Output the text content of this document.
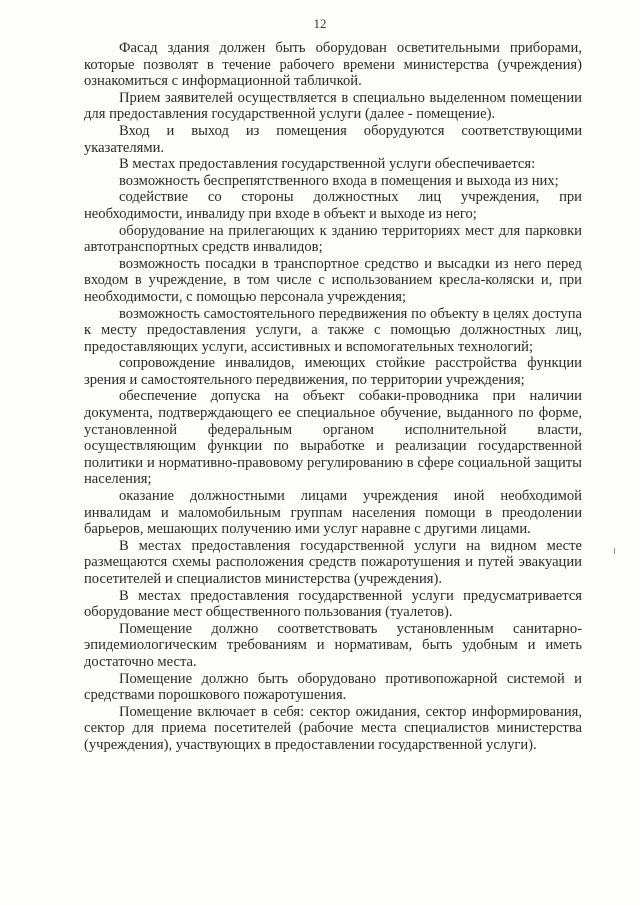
12

Фасад здания должен быть оборудован осветительными приборами, которые позволят в течение рабочего времени министерства (учреждения) ознакомиться с информационной табличкой.

Прием заявителей осуществляется в специально выделенном помещении для предоставления государственной услуги (далее - помещение).

Вход и выход из помещения оборудуются соответствующими указателями.

В местах предоставления государственной услуги обеспечивается:

возможность беспрепятственного входа в помещения и выхода из них;

содействие со стороны должностных лиц учреждения, при необходимости, инвалиду при входе в объект и выходе из него;

оборудование на прилегающих к зданию территориях мест для парковки автотранспортных средств инвалидов;

возможность посадки в транспортное средство и высадки из него перед входом в учреждение, в том числе с использованием кресла-коляски и, при необходимости, с помощью персонала учреждения;

возможность самостоятельного передвижения по объекту в целях доступа к месту предоставления услуги, а также с помощью должностных лиц, предоставляющих услуги, ассистивных и вспомогательных технологий;

сопровождение инвалидов, имеющих стойкие расстройства функции зрения и самостоятельного передвижения, по территории учреждения;

обеспечение допуска на объект собаки-проводника при наличии документа, подтверждающего ее специальное обучение, выданного по форме, установленной федеральным органом исполнительной власти, осуществляющим функции по выработке и реализации государственной политики и нормативно-правовому регулированию в сфере социальной защиты населения;

оказание должностными лицами учреждения иной необходимой инвалидам и маломобильным группам населения помощи в преодолении барьеров, мешающих получению ими услуг наравне с другими лицами.

В местах предоставления государственной услуги на видном месте размещаются схемы расположения средств пожаротушения и путей эвакуации посетителей и специалистов министерства (учреждения).

В местах предоставления государственной услуги предусматривается оборудование мест общественного пользования (туалетов).

Помещение должно соответствовать установленным санитарно-эпидемиологическим требованиям и нормативам, быть удобным и иметь достаточно места.

Помещение должно быть оборудовано противопожарной системой и средствами порошкового пожаротушения.

Помещение включает в себя: сектор ожидания, сектор информирования, сектор для приема посетителей (рабочие места специалистов министерства (учреждения), участвующих в предоставлении государственной услуги).
